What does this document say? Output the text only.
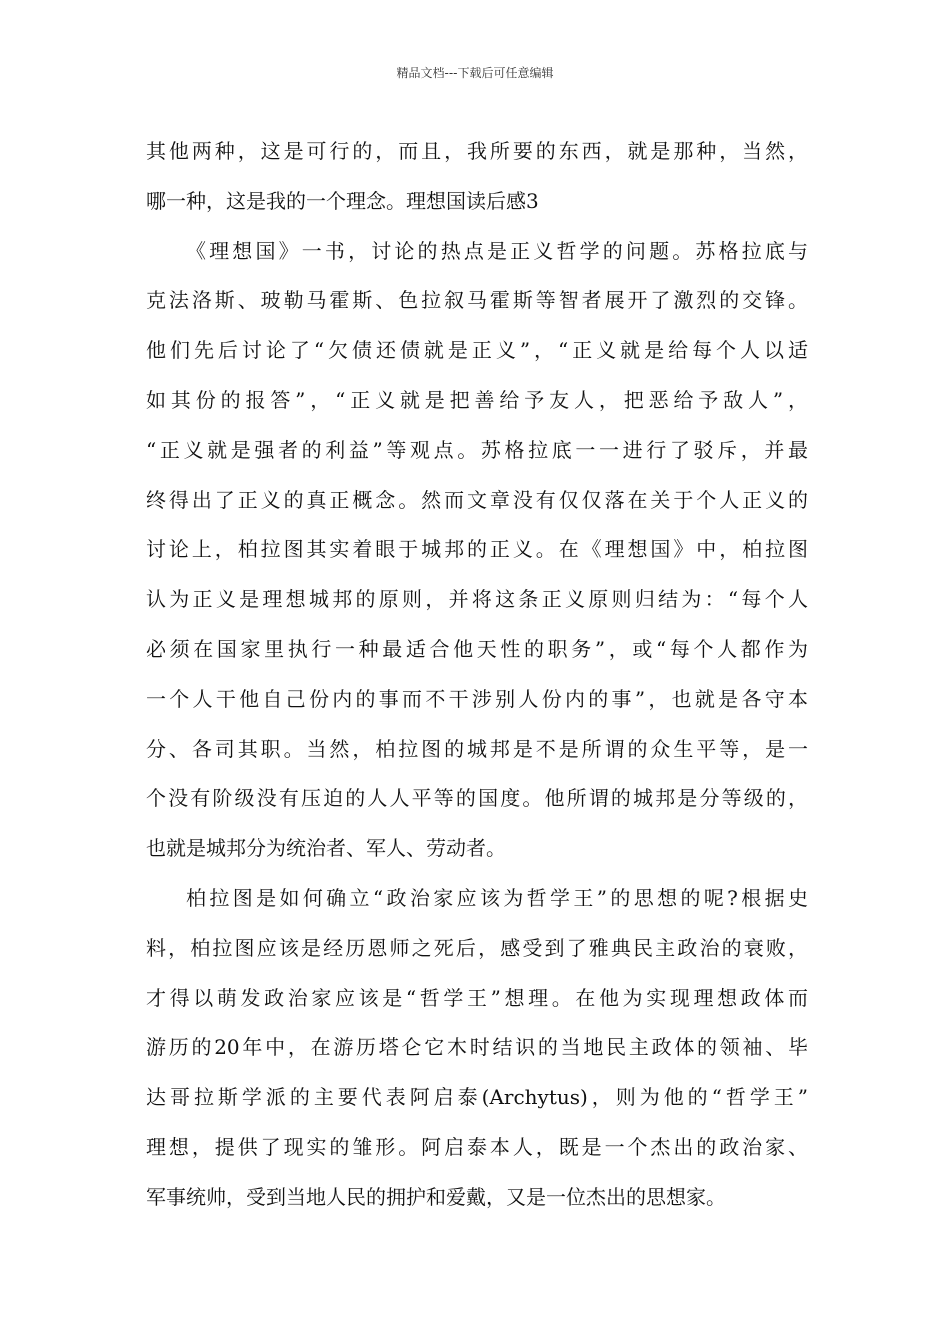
精品文档---下载后可任意编辑
其他两种，这是可行的，而且，我所要的东西，就是那种，当然，
哪一种，这是我的一个理念。理想国读后感3
《理想国》一书，讨论的热点是正义哲学的问题。苏格拉底与
克法洛斯、玻勒马霍斯、色拉叙马霍斯等智者展开了激烈的交锋。
他们先后讨论了“欠债还债就是正义”，“正义就是给每个人以适
如其份的报答”，“正义就是把善给予友人，把恶给予敌人”，
“正义就是强者的利益”等观点。苏格拉底一一进行了驳斥，并最
终得出了正义的真正概念。然而文章没有仅仅落在关于个人正义的
讨论上，柏拉图其实着眼于城邦的正义。在《理想国》中，柏拉图
认为正义是理想城邦的原则，并将这条正义原则归结为：“每个人
必须在国家里执行一种最适合他天性的职务”，或“每个人都作为
一个人干他自己份内的事而不干涉别人份内的事”，也就是各守本
分、各司其职。当然，柏拉图的城邦是不是所谓的众生平等，是一
个没有阶级没有压迫的人人平等的国度。他所谓的城邦是分等级的，
也就是城邦分为统治者、军人、劳动者。
柏拉图是如何确立“政治家应该为哲学王”的思想的呢?根据史
料，柏拉图应该是经历恩师之死后，感受到了雅典民主政治的衰败，
才得以萌发政治家应该是“哲学王”想理。在他为实现理想政体而
游历的20年中，在游历塔仑它木时结识的当地民主政体的领袖、毕
达哥拉斯学派的主要代表阿启泰(Archytus)，则为他的“哲学王”
理想，提供了现实的雏形。阿启泰本人，既是一个杰出的政治家、
军事统帅，受到当地人民的拥护和爱戴，又是一位杰出的思想家。
